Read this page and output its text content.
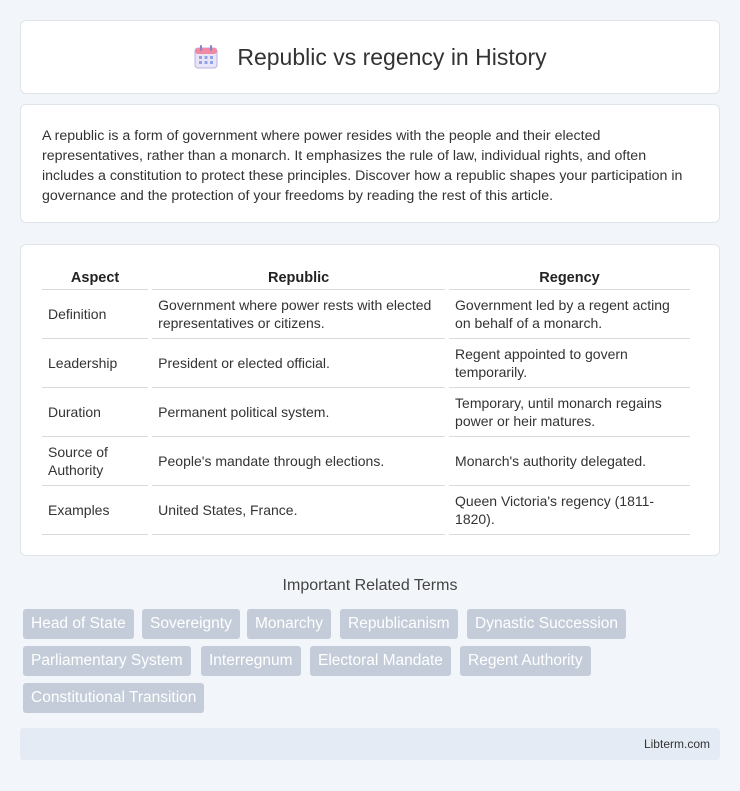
Republic vs regency in History

A republic is a form of government where power resides with the people and their elected representatives, rather than a monarch. It emphasizes the rule of law, individual rights, and often includes a constitution to protect these principles. Discover how a republic shapes your participation in governance and the protection of your freedoms by reading the rest of this article.

Aspect	Republic	Regency
Definition	Government where power rests with elected representatives or citizens.	Government led by a regent acting on behalf of a monarch.
Leadership	President or elected official.	Regent appointed to govern temporarily.
Duration	Permanent political system.	Temporary, until monarch regains power or heir matures.
Source of Authority	People's mandate through elections.	Monarch's authority delegated.
Examples	United States, France.	Queen Victoria's regency (1811-1820).
Important Related Terms
Head of State	Sovereignty	Monarchy	Republicanism	Dynastic Succession
Parliamentary System	Interregnum	Electoral Mandate	Regent Authority
Constitutional Transition
Libterm.com
